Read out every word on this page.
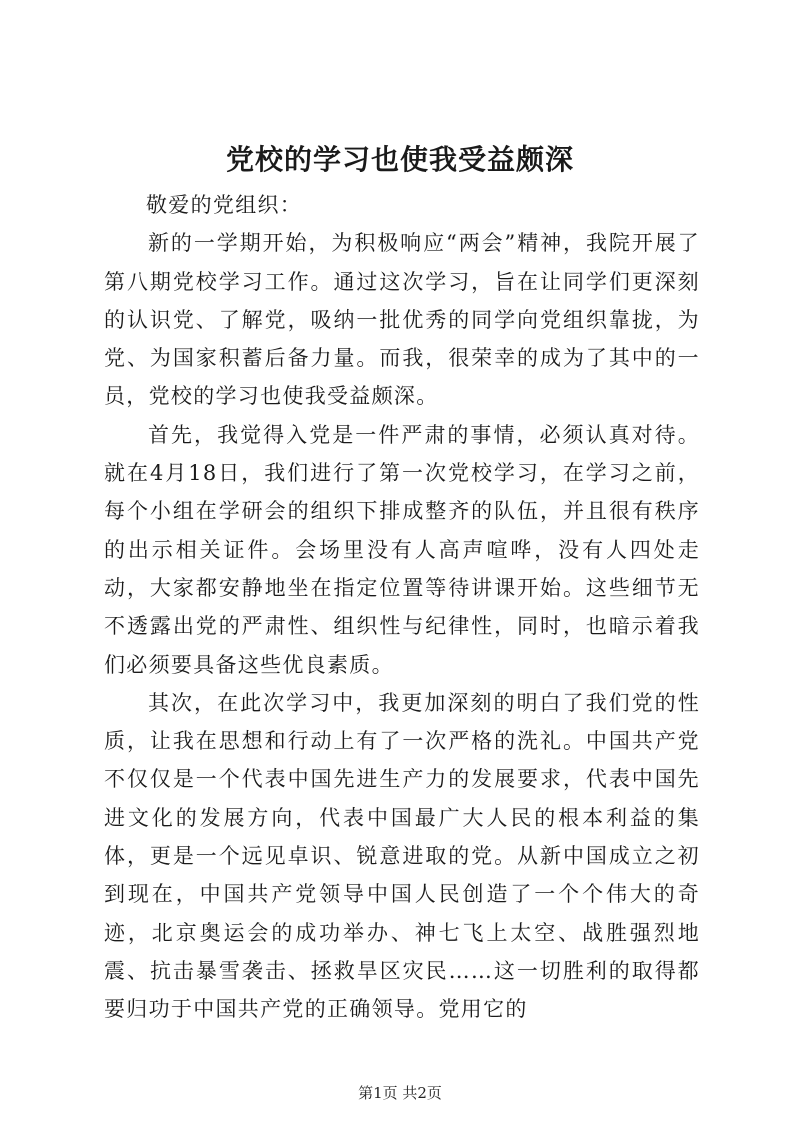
党校的学习也使我受益颇深

敬爱的党组织：

新的一学期开始，为积极响应“两会”精神，我院开展了第八期党校学习工作。通过这次学习，旨在让同学们更深刻的认识党、了解党，吸纳一批优秀的同学向党组织靠拢，为党、为国家积蓄后备力量。而我，很荣幸的成为了其中的一员，党校的学习也使我受益颇深。

首先，我觉得入党是一件严肃的事情，必须认真对待。就在4月18日，我们进行了第一次党校学习，在学习之前，每个小组在学研会的组织下排成整齐的队伍，并且很有秩序的出示相关证件。会场里没有人高声喧哗，没有人四处走动，大家都安静地坐在指定位置等待讲课开始。这些细节无不透露出党的严肃性、组织性与纪律性，同时，也暗示着我们必须要具备这些优良素质。

其次，在此次学习中，我更加深刻的明白了我们党的性质，让我在思想和行动上有了一次严格的洗礼。中国共产党不仅仅是一个代表中国先进生产力的发展要求，代表中国先进文化的发展方向，代表中国最广大人民的根本利益的集体，更是一个远见卓识、锐意进取的党。从新中国成立之初到现在，中国共产党领导中国人民创造了一个个伟大的奇迹，北京奥运会的成功举办、神七飞上太空、战胜强烈地震、抗击暴雪袭击、拯救旱区灾民……这一切胜利的取得都要归功于中国共产党的正确领导。党用它的

第1页 共2页
